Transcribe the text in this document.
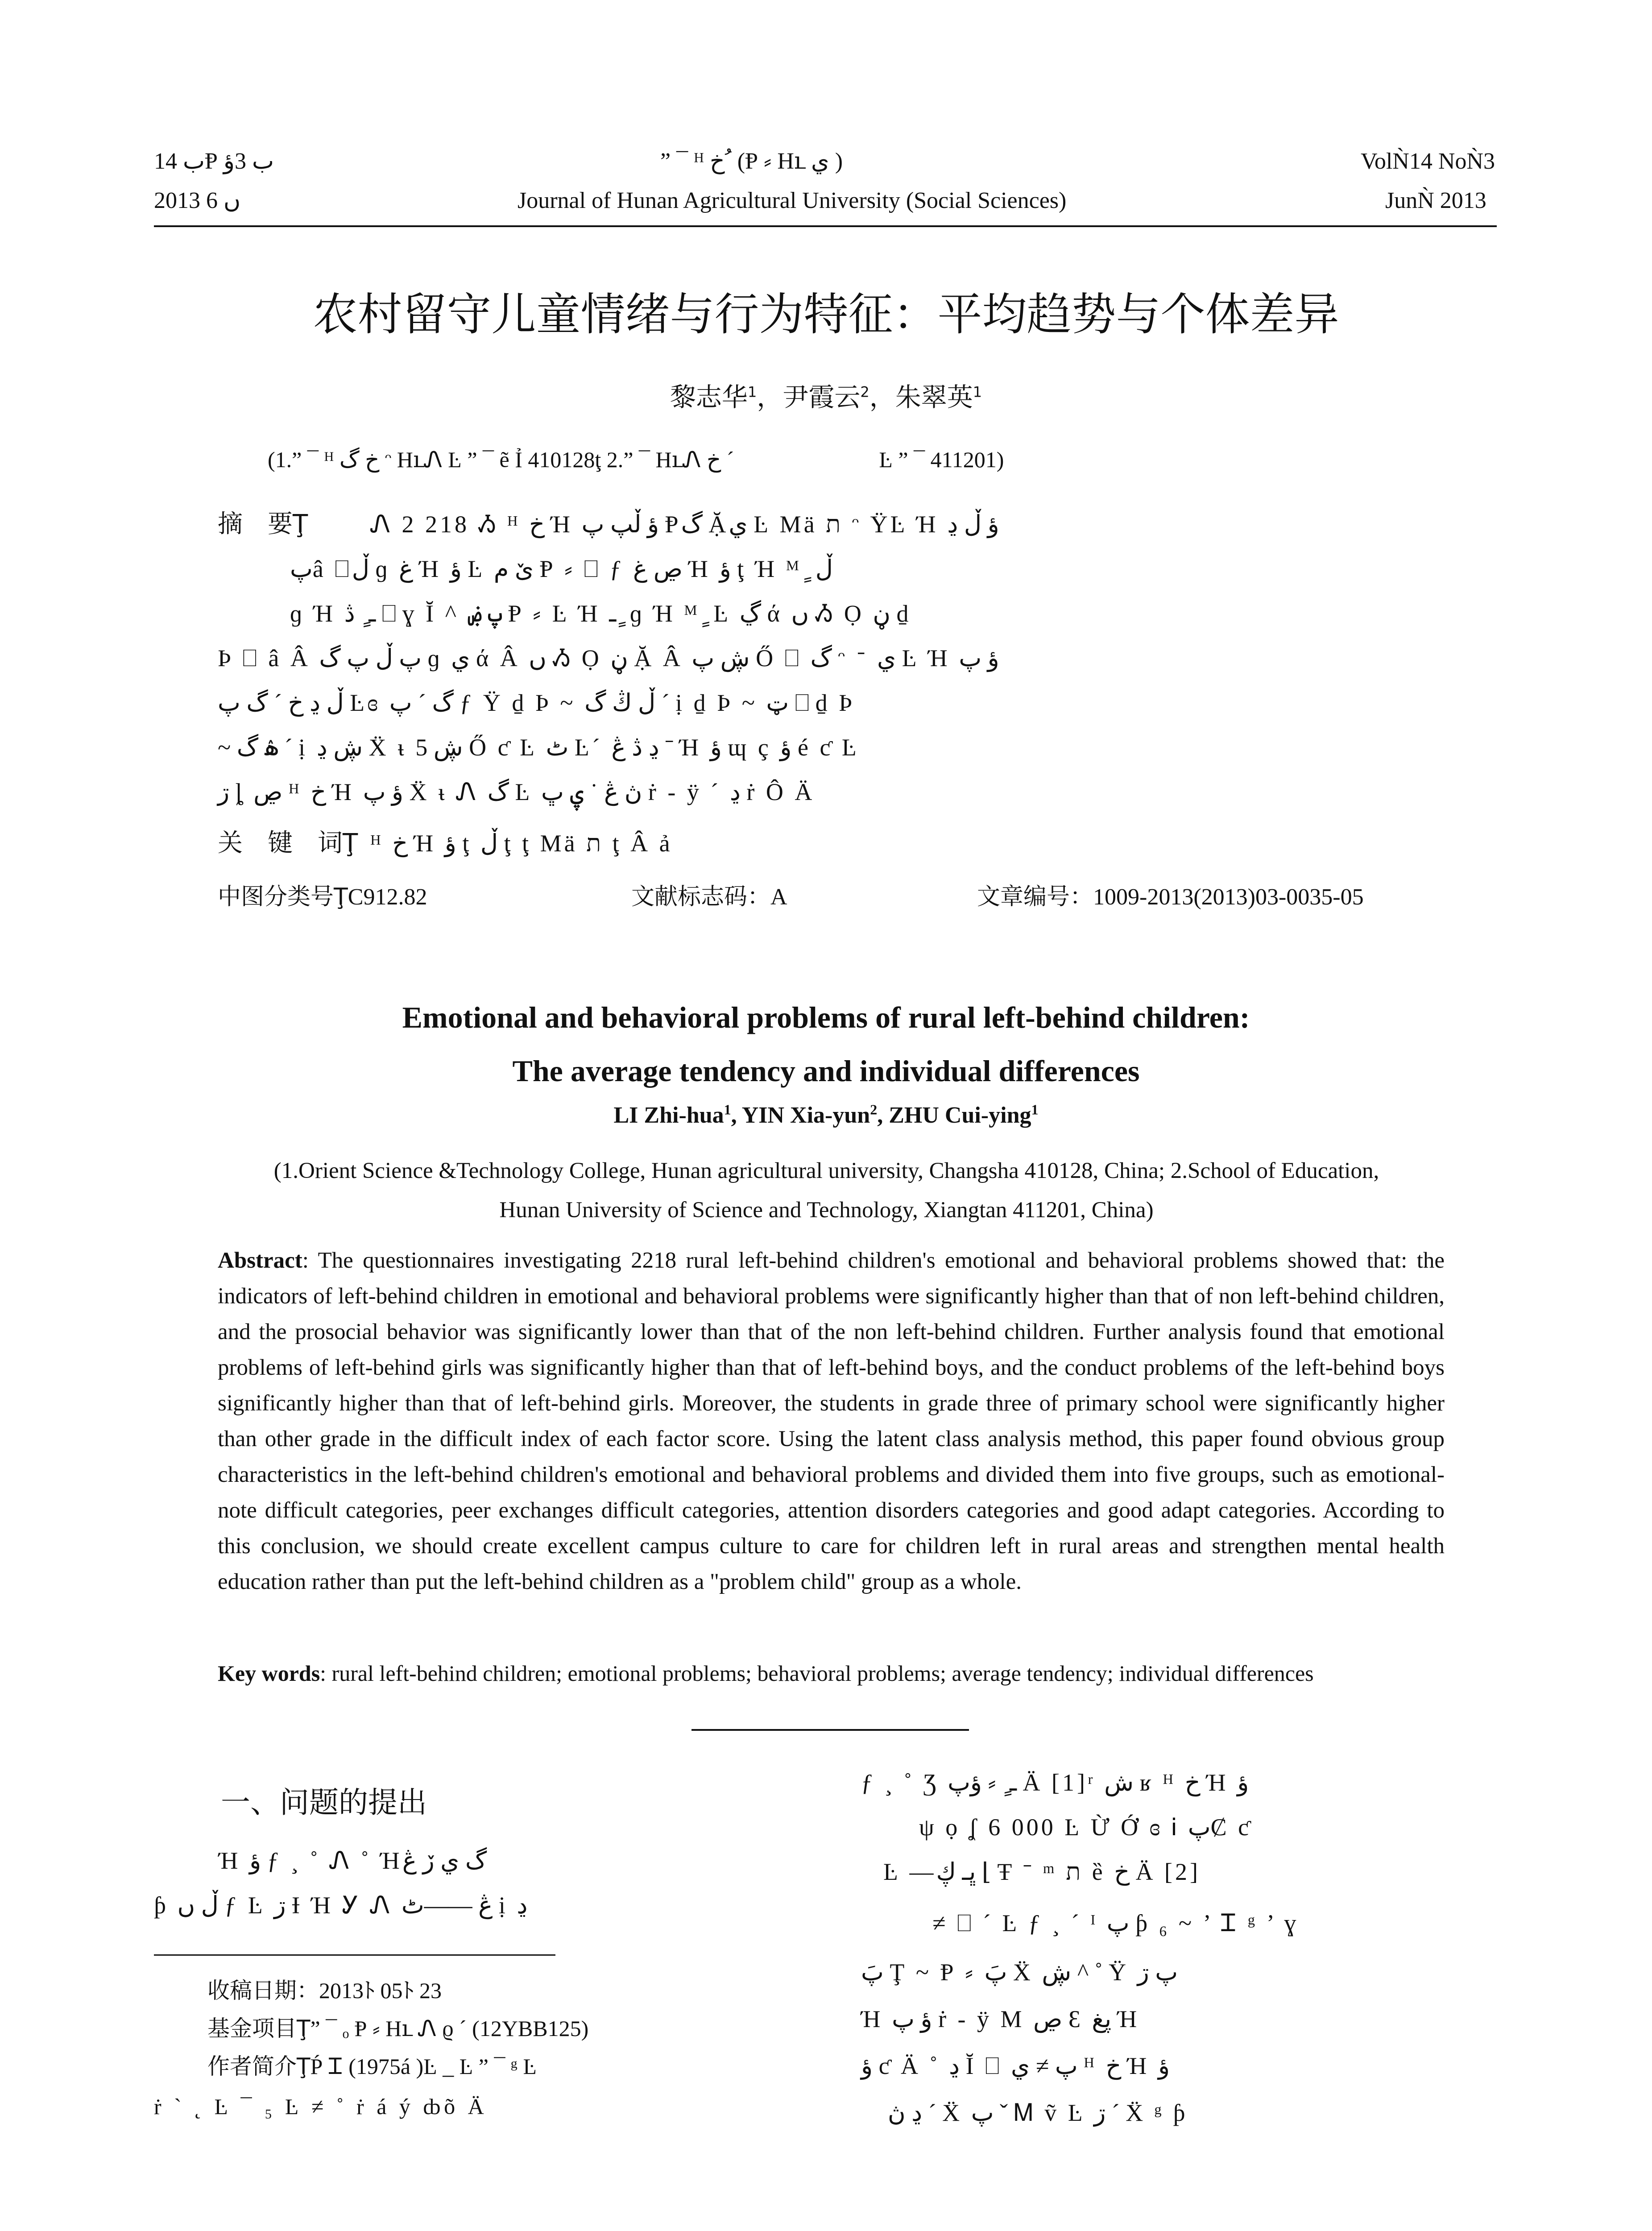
ب 14Ᵽ ب 3ؤ
2013 ں 6
” ¯ ᴴ خ ُ (Ᵽ ⸗ Hւ ي )
Journal of Hunan Agricultural University (Social Sciences)
VolǸ14 NoǸ3
JunǸ 2013
农村留守儿童情绪与行为特征：平均趋势与个体差异
黎志华$^1$，尹霞云$^2$，朱翠英$^1$
(1.” ¯ ᴴ خ گ ᵔ HւᏁ Ŀ ” ¯ ẽ Ỉ 410128ţ 2.” ¯ HւᏁ خ ˊ	Ŀ ” ¯ 411201)
摘　要Ţ	Ꮑ 2 218 Ᏹ ᴴ خ Ή ؤ ڵپ پ Ᵽگ Ặي Ŀ Mä ת ᵔ ŸĿ Ή ؤ ڵ ڍ
پâ ⎕ڵ ɡ غ Ή ؤ Ŀ ێ م Ᵽ ⸗ ⎕ ƒ ڝ غ Ή ؤ ţ Ή ᴹ ٍ ڵ
ɡ Ή ـ ٍ ڎ ⎕ ɣ Ĭ ^ پ ۻ Ᵽ ⸗ Ŀ Ή ـ ٍ ɡ Ή ᴹ ٍ Ŀ ڲ ά ں Ᏹ Ọ ڼ ḏ
Þ ⎕ â Â پ ڵ پ گ ɡ ي ά Â ں Ᏹ Ọ ڼ Ặ Â ڜ پ Ő ⎕ گ ᵔ ᐨ ي Ŀ Ή ؤ پ
ڵ ڍ خ ˊ گ پ Ŀɞ گ ˊ پ ƒ Ÿ ḏ Þ ~ ڵ ڭ گ ˊ ị ḏ Þ ~ ټ ⎕ ḏ Þ
~ ۿ گ ˊ ị ڜ ڍ Ẍ ᵼ ڜ 5 Ő ƈ Ŀ ٹ Ŀˊ ڍ ڎ ڠ ˉ Ή ؤ ɰ ç ؤ é ƈ Ŀ
ڗ ȴ ڝ ᴴ خ Ή ؤ پ Ẍ ᵼ Ꮑ گ Ŀ ڽ ڠ ˙ ۑ ڀ ṙ - ÿ ˊ ڍ ṙ Ô Ä
关　键　词Ţ ᴴ خ Ή ؤ ţ ڵ ţ ţ Mä ת ţ Â ả
中图分类号ŢC912.82	文献标志码：A	文章编号：1009-2013(2013)03-0035-05
Emotional and behavioral problems of rural left-behind children:
The average tendency and individual differences
LI Zhi-hua$^1$, YIN Xia-yun$^2$, ZHU Cui-ying$^1$
(1.Orient Science &Technology College, Hunan agricultural university, Changsha 410128, China; 2.School of Education,
Hunan University of Science and Technology, Xiangtan 411201, China)
Abstract: The questionnaires investigating 2218 rural left-behind children's emotional and behavioral problems showed that: the indicators of left-behind children in emotional and behavioral problems were significantly higher than that of non left-behind children, and the prosocial behavior was significantly lower than that of the non left-behind children. Further analysis found that emotional problems of left-behind girls was significantly higher than that of left-behind boys, and the conduct problems of the left-behind boys significantly higher than that of left-behind girls. Moreover, the students in grade three of primary school were significantly higher than other grade in the difficult index of each factor score. Using the latent class analysis method, this paper found obvious group characteristics in the left-behind children's emotional and behavioral problems and divided them into five groups, such as emotional- note difficult categories, peer exchanges difficult categories, attention disorders categories and good adapt categories. According to this conclusion, we should create excellent campus culture to care for children left in rural areas and strengthen mental health education rather than put the left-behind children as a "problem child" group as a whole.
Key words: rural left-behind children; emotional problems; behavioral problems; average tendency; individual differences
一、问题的提出
Ή ؤ ƒ ¸ ˚ Ꮑ ˚ Ήگ ي ڒ ڠ
ƥ ڵ ں ƒ Ŀ ڗ Ɨ Ή Ꭹ Ꮑ ڠ ——ٹ ị ڍ
收稿日期：2013ﾄ 05ﾄ 23
基金项目Ţ” ¯ ₒ Ᵽ ⸗ Hւ Ꮑ ϱ ˊ (12YBB125)
作者简介ŢṔ Ꮖ (1975á )Ŀ _ Ŀ ” ¯ ᵍ Ŀ
ṙ ˋ ˛ Ŀ ¯ ₅ Ŀ ≠ ˚ ṙ á ý ȸõ Ä
ƒ ¸ ˚ Ʒ ـ ٍ ⸗ ؤپ Ä [1]ʳ ش ʁ ᴴ خ Ή ؤ
ψ ọ ʆ 6 000 Ŀ Ừ Ớ ɞ Ꭵ پȻ ƈ
Ŀ —ڀـ ڮ ⌊ Ŧ ˉ ᵐ ת ȅ خ Ä [2]
≠ ⎕ ˊ Ŀ ƒ ¸ ˊ ᴵ پ ƥ ₆ ~ ’ Ꮖ ᵍ ’ ɣ
پَ Ţ ~ Ᵽ ⸗ پَ Ẍ ڜ ^ ˚ Ÿ پ ڗ
Ή ؤ پ ṙ - ÿ M ڝ Ɛ پغ Ή
ؤ ƈ Ä ˚ ڍ Ĭ ⎕ پ ≠ ي ᴴ خ Ή ؤ
ڍ ڽ ˊ Ẍ پ ˇ Ꮇ ṽ Ŀ ڗ ˊ Ẍ ᵍ ƥ
